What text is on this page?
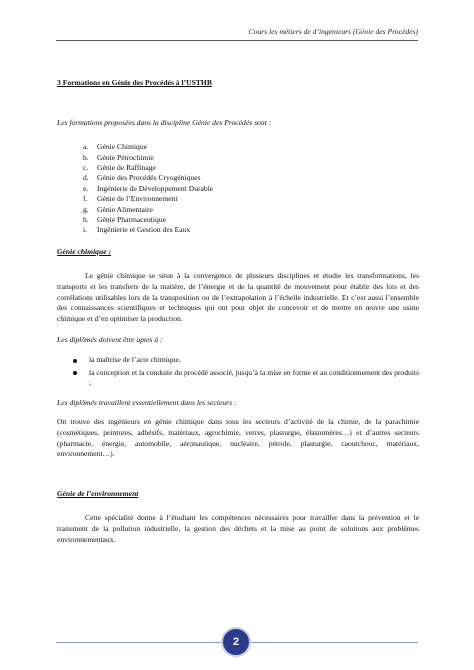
Cours les métiers de d’ingenieurs (Génie des Procédés)
3 Formations en Génie des Procédés à l’USTHB
Les formations proposées dans la discipline Génie des Procédés sont :
a. Génie Chimique
b. Génie Pétrochimie
c. Génie de Raffinage
d. Génie des Procédés Cryogéniques
e. Ingénierie de Développement Durable
f. Génie de l’Environnement
g. Génie Alimentaire
h. Génie Pharmaceutique
i. Ingénierie et Gestion des Eaux
Génie chimique :

Le génie chimique se situe à la convergence de plusieurs disciplines et étudie les transformations, les transports et les transferts de la matière, de l’énergie et de la quantité de mouvement pour établir des lois et des corrélations utilisables lors de la transposition ou de l’extrapolation à l’échelle industrielle. Et c’est aussi l’ensemble des connaissances scientifiques et techniques qui ont pour objet de concevoir et de mettre en œuvre une usine chimique et d’en optimiser la production.

Les diplômés doivent être aptes à :
la maîtrise de l’acte chimique,
la conception et la conduite du procédé associé, jusqu’à la mise en forme et au conditionnement des produits ;
Les diplômés travaillent essentiellement dans les secteurs :

On trouve des ingénieurs en génie chimique dans tous les secteurs d’activité de la chimie, de la parachimie (cosmétiques, peintures, adhésifs, matériaux, agrochimie, verres, plasturgie, élastomères…) et d’autres secteurs (pharmacie, énergie, automobile, aéronautique, nucléaire, pétrole, plasturgie, caoutchouc, matériaux, environnement…).

Génie de l’environnement

Cette spécialité donne à l’étudiant les compétences nécessaires pour travailler dans la prévention et le traitement de la pollution industrielle, la gestion des déchets et la mise au point de solutions aux problèmes environnementaux.

2
